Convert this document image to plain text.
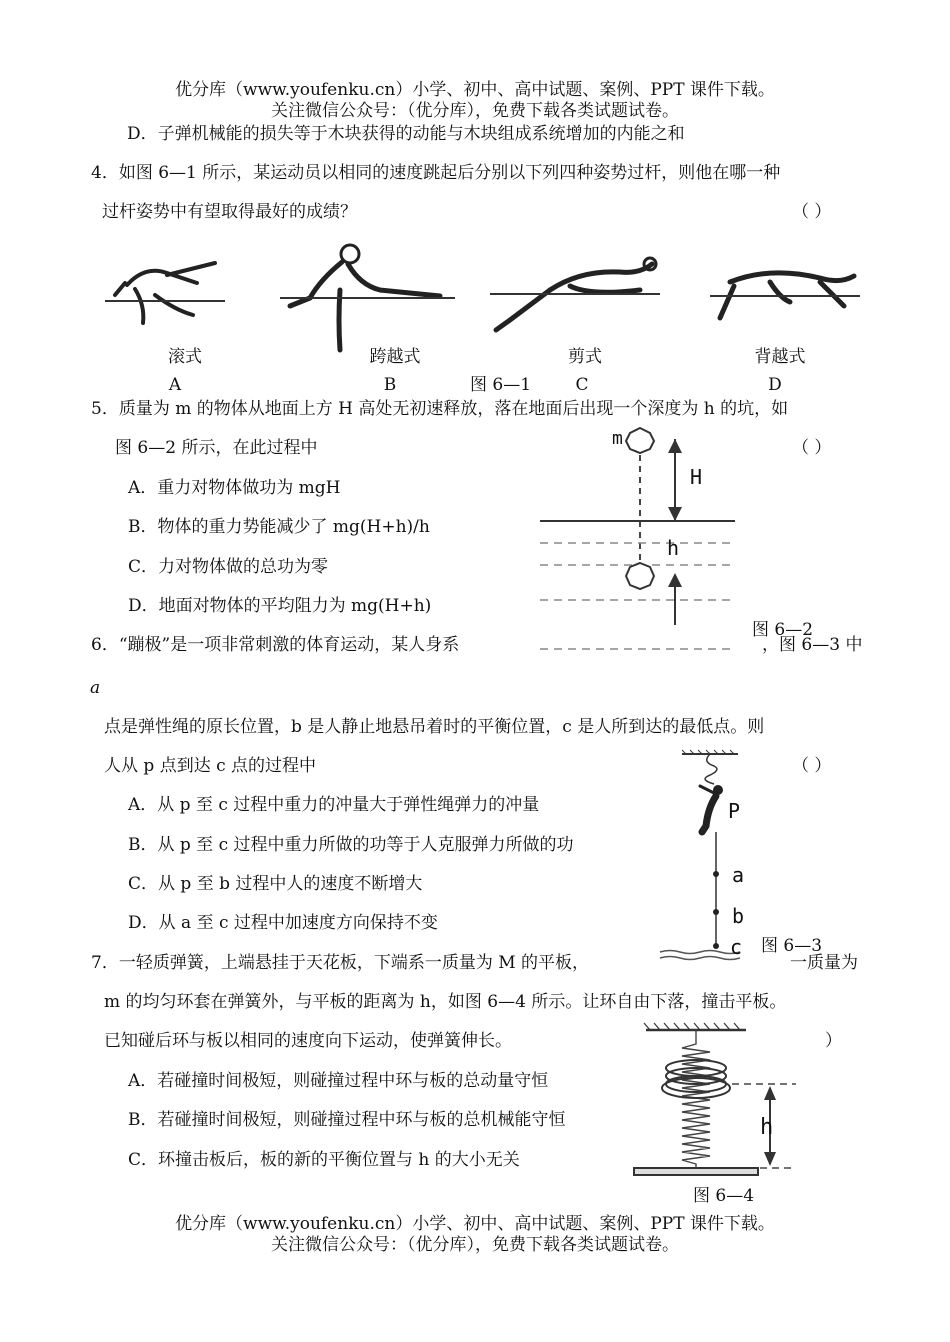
优分库（www.youfenku.cn）小学、初中、高中试题、案例、PPT 课件下载。
关注微信公众号：（优分库），免费下载各类试题试卷。
D．子弹机械能的损失等于木块获得的动能与木块组成系统增加的内能之和
4．如图 6—1 所示，某运动员以相同的速度跳起后分别以下列四种姿势过杆，则他在哪一种
过杆姿势中有望取得最好的成绩？	（ ）
滚式	跨越式	剪式	背越式
A	B	图 6—1	C	D
5．质量为 m 的物体从地面上方 H 高处无初速释放，落在地面后出现一个深度为 h 的坑，如
图 6—2 所示，在此过程中	（ ）
A．重力对物体做功为 mgH
B．物体的重力势能减少了 mg(H+h)/h
C．力对物体做的总功为零
D．地面对物体的平均阻力为 mg(H+h)
m
H
h
图 6—2
6．“蹦极”是一项非常刺激的体育运动，某人身系	，图 6—3 中
a
点是弹性绳的原长位置，b 是人静止地悬吊着时的平衡位置，c 是人所到达的最低点。则
人从 p 点到达 c 点的过程中	（ ）
A．从 p 至 c 过程中重力的冲量大于弹性绳弹力的冲量
B．从 p 至 c 过程中重力所做的功等于人克服弹力所做的功
C．从 p 至 b 过程中人的速度不断增大
D．从 a 至 c 过程中加速度方向保持不变
P
a
b
c 图 6—3
7．一轻质弹簧，上端悬挂于天花板，下端系一质量为 M 的平板，	一质量为
m 的均匀环套在弹簧外，与平板的距离为 h，如图 6—4 所示。让环自由下落，撞击平板。
已知碰后环与板以相同的速度向下运动，使弹簧伸长。	）
A．若碰撞时间极短，则碰撞过程中环与板的总动量守恒
B．若碰撞时间极短，则碰撞过程中环与板的总机械能守恒
C．环撞击板后，板的新的平衡位置与 h 的大小无关
h
图 6—4
优分库（www.youfenku.cn）小学、初中、高中试题、案例、PPT 课件下载。
关注微信公众号：（优分库），免费下载各类试题试卷。
